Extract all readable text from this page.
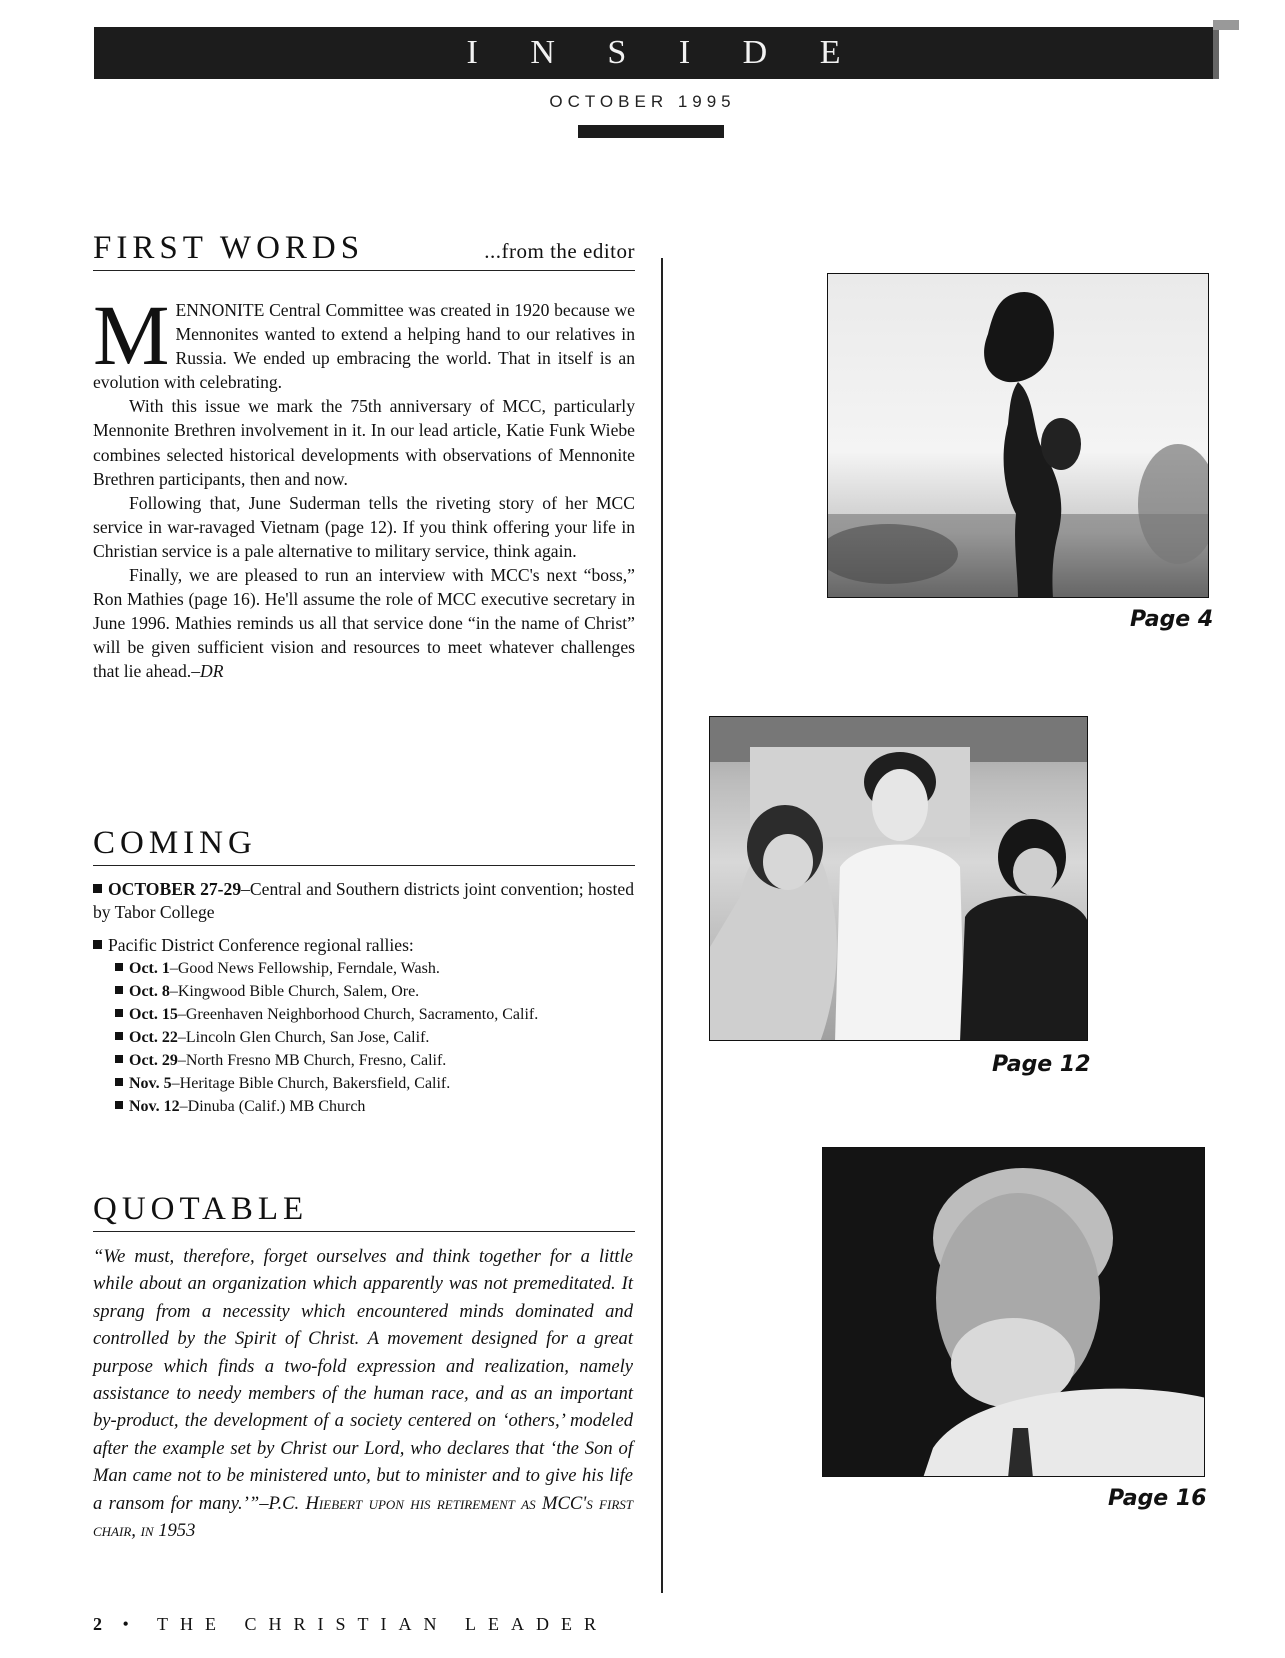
I N S I D E
OCTOBER 1995
FIRST WORDS	...from the editor

MENNONITE Central Committee was created in 1920 because we Mennonites wanted to extend a helping hand to our relatives in Russia. We ended up embracing the world. That in itself is an evolution with celebrating.

With this issue we mark the 75th anniversary of MCC, particularly Mennonite Brethren involvement in it. In our lead article, Katie Funk Wiebe combines selected historical developments with observations of Mennonite Brethren participants, then and now.

Following that, June Suderman tells the riveting story of her MCC service in war-ravaged Vietnam (page 12). If you think offering your life in Christian service is a pale alternative to military service, think again.

Finally, we are pleased to run an interview with MCC's next “boss,” Ron Mathies (page 16). He'll assume the role of MCC executive secretary in June 1996. Mathies reminds us all that service done “in the name of Christ” will be given sufficient vision and resources to meet whatever challenges that lie ahead.–DR

COMING
OCTOBER 27-29–Central and Southern districts joint convention; hosted by Tabor College
Pacific District Conference regional rallies:
Oct. 1–Good News Fellowship, Ferndale, Wash.
Oct. 8–Kingwood Bible Church, Salem, Ore.
Oct. 15–Greenhaven Neighborhood Church, Sacramento, Calif.
Oct. 22–Lincoln Glen Church, San Jose, Calif.
Oct. 29–North Fresno MB Church, Fresno, Calif.
Nov. 5–Heritage Bible Church, Bakersfield, Calif.
Nov. 12–Dinuba (Calif.) MB Church
QUOTABLE
“We must, therefore, forget ourselves and think together for a little while about an organization which apparently was not premeditated. It sprang from a necessity which encountered minds dominated and controlled by the Spirit of Christ. A movement designed for a great purpose which finds a two-fold expression and realization, namely assistance to needy members of the human race, and as an important by-product, the development of a society centered on ‘others,’ modeled after the example set by Christ our Lord, who declares that ‘the Son of Man came not to be ministered unto, but to minister and to give his life a ransom for many.’”–P.C. Hiebert upon his retirement as MCC's first chair, in 1953
Page 4
Page 12
Page 16
2 • THE CHRISTIAN LEADER
